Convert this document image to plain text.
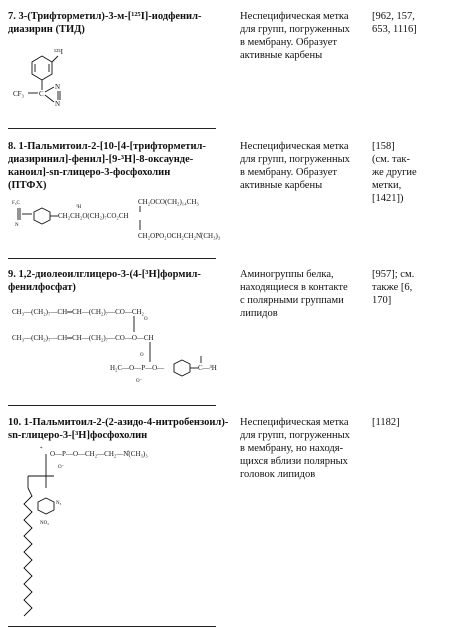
7. 3-(Трифторметил)-3-м-[¹²⁵I]-иодфенил-
диазирин (ТИД)
Неспецифическая метка
для групп, погруженных
в мембрану. Образует
активные карбены
[962, 157,
653, 1116]
¹²⁵I
CF₃ C
N
N
8. 1-Пальмитоил-2-[10-[4-[трифторметил-
диазиринил]-фенил]-[9-³H]-8-оксаунде-
каноил]-sn-глицеро-3-фосфохолин
(ПТФХ)
Неспецифическая метка
для групп, погруженных
в мембрану. Образует
активные карбены
[158]
(см. так-
же другие
метки,
[1421])
F₃C
N
³H
CH₂CH₂O(CH₂)₇CO₂CH
CH₂OCO(CH₂)₁₄CH₃
CH₂OPO₂OCH₂CH₂N̊(CH₃)₃
9. 1,2-диолеоилглицеро-3-(4-[³H]формил-
фенилфосфат)
Аминогруппы белка,
находящиеся в контакте
с полярными группами
липидов
[957]; см.
также [6,
170]
CH₃—(CH₂)₇—CH═CH—(CH₂)₇—CO—CH₂
O
CH₃—(CH₂)₇—CH═CH—(CH₂)₇—CO—O—CH
H₂C—O—P—O—
O
O⁻
C—³H
10. 1-Пальмитоил-2-(2-азидо-4-нитробензоил)-
sn-глицеро-3-[³H]фосфохолин
Неспецифическая метка
для групп, погруженных
в мембрану, но находя-
щихся вблизи полярных
головок липидов
[1182]
*
O—P—O—CH₂—CH₂—N̊(CH₃)₃
O⁻
N₃
NO₂
